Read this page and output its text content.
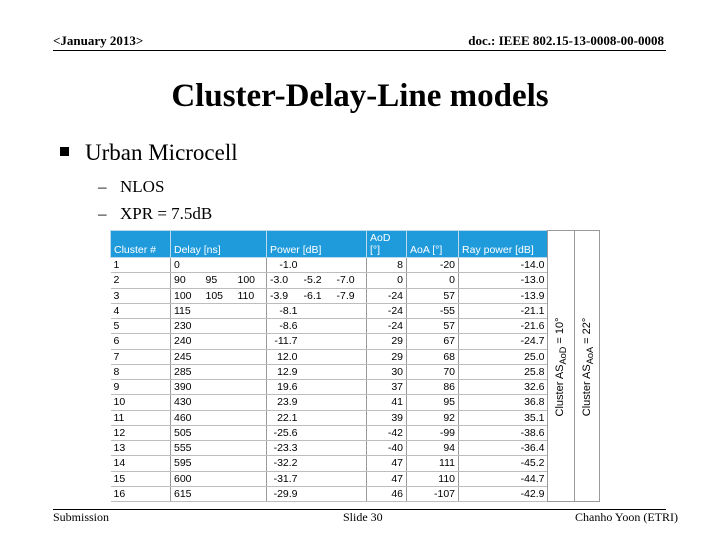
<January 2013>	doc.: IEEE 802.15-13-0008-00-0008
Cluster-Delay-Line models
Urban Microcell
– NLOS
– XPR = 7.5dB
Cluster #	Delay [ns]			Power [dB]			AoD [°]	AoA [°]	Ray power [dB]
1	0			-1.0			8	-20	-14.0
2	90	95	100	-3.0	-5.2	-7.0	0	0	-13.0
3	100	105	110	-3.9	-6.1	-7.9	-24	57	-13.9
4	115			-8.1			-24	-55	-21.1
5	230			-8.6			-24	57	-21.6
6	240			-11.7			29	67	-24.7
7	245			12.0			29	68	25.0
8	285			12.9			30	70	25.8
9	390			19.6			37	86	32.6
10	430			23.9			41	95	36.8
11	460			22.1			39	92	35.1
12	505			-25.6			-42	-99	-38.6
13	555			-23.3			-40	94	-36.4
14	595			-32.2			47	111	-45.2
15	600			-31.7			47	110	-44.7
16	615			-29.9			46	-107	-42.9
Cluster $AS_{AoD} = 10^\circ$
Cluster $AS_{AoA} = 22^\circ$
Submission	Slide 30	Chanho Yoon (ETRI)
